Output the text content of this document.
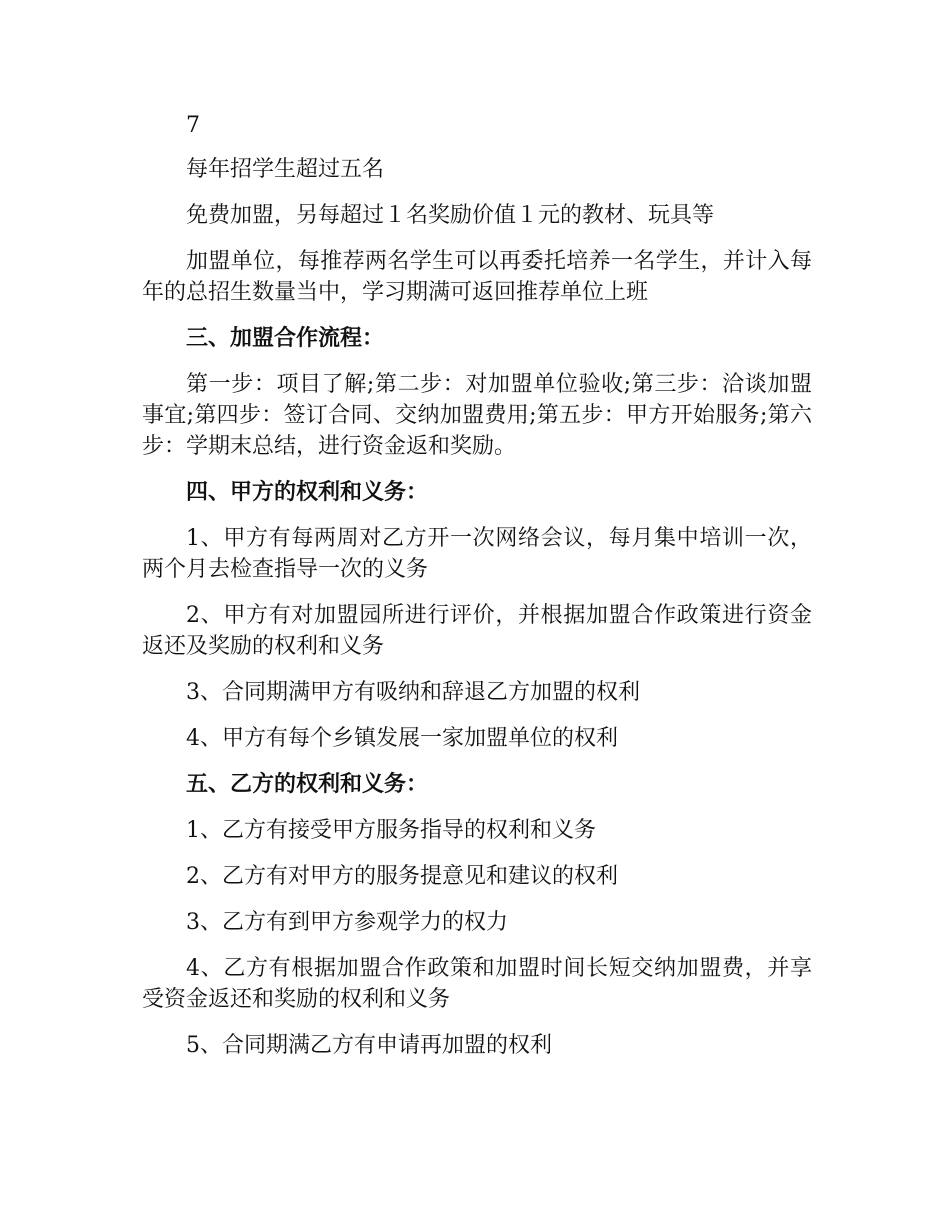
7

每年招学生超过五名

免费加盟，另每超过１名奖励价值１元的教材、玩具等

加盟单位，每推荐两名学生可以再委托培养一名学生，并计入每年的总招生数量当中，学习期满可返回推荐单位上班

三、加盟合作流程：

第一步：项目了解;第二步：对加盟单位验收;第三步：洽谈加盟事宜;第四步：签订合同、交纳加盟费用;第五步：甲方开始服务;第六步：学期末总结，进行资金返和奖励。

四、甲方的权利和义务：

1、甲方有每两周对乙方开一次网络会议，每月集中培训一次，两个月去检查指导一次的义务

2、甲方有对加盟园所进行评价，并根据加盟合作政策进行资金返还及奖励的权利和义务

3、合同期满甲方有吸纳和辞退乙方加盟的权利

4、甲方有每个乡镇发展一家加盟单位的权利

五、乙方的权利和义务：

1、乙方有接受甲方服务指导的权利和义务

2、乙方有对甲方的服务提意见和建议的权利

3、乙方有到甲方参观学力的权力

4、乙方有根据加盟合作政策和加盟时间长短交纳加盟费，并享受资金返还和奖励的权利和义务

5、合同期满乙方有申请再加盟的权利
